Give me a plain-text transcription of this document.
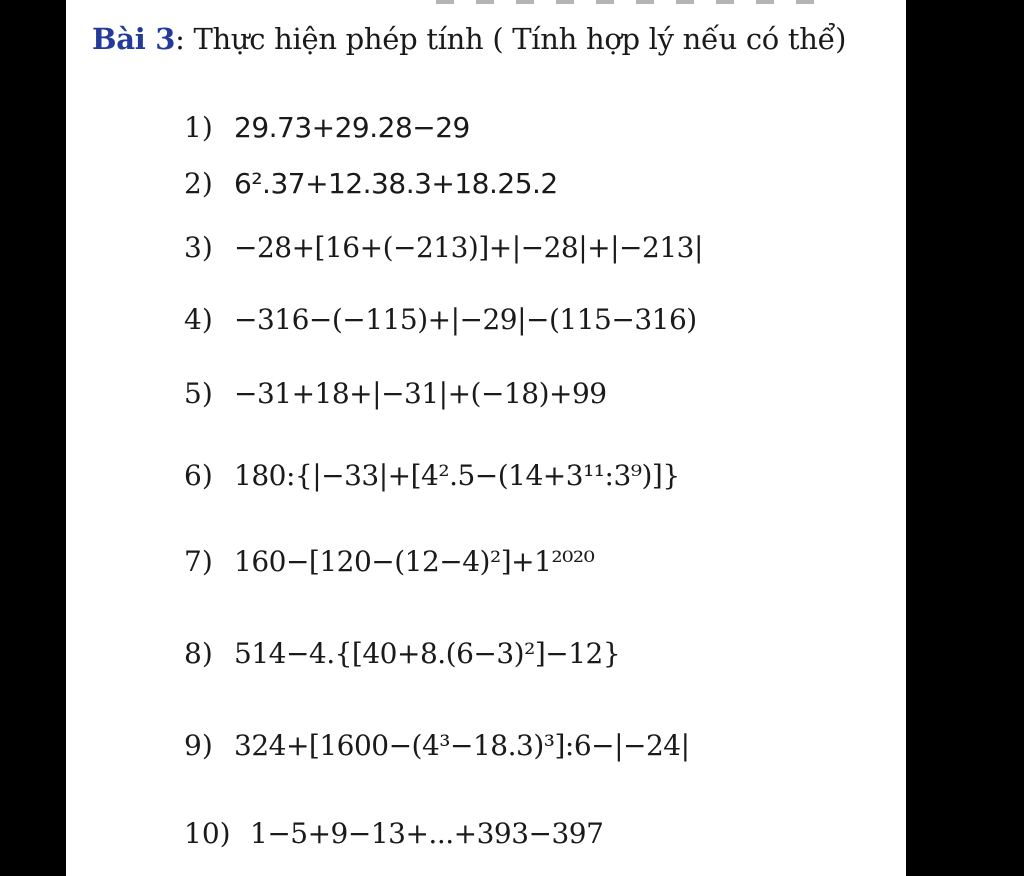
Bài 3: Thực hiện phép tính ( Tính hợp lý nếu có thể)
1) 29.73+29.28−29
2) 6².37+12.38.3+18.25.2
3) −28+[16+(−213)]+|−28|+|−213|
4) −316−(−115)+|−29|−(115−316)
5) −31+18+|−31|+(−18)+99
6) 180:{|−33|+[4².5−(14+3¹¹:3⁹)]}
7) 160−[120−(12−4)²]+1²⁰²⁰
8) 514−4.{[40+8.(6−3)²]−12}
9) 324+[1600−(4³−18.3)³]:6−|−24|
10) 1−5+9−13+...+393−397
